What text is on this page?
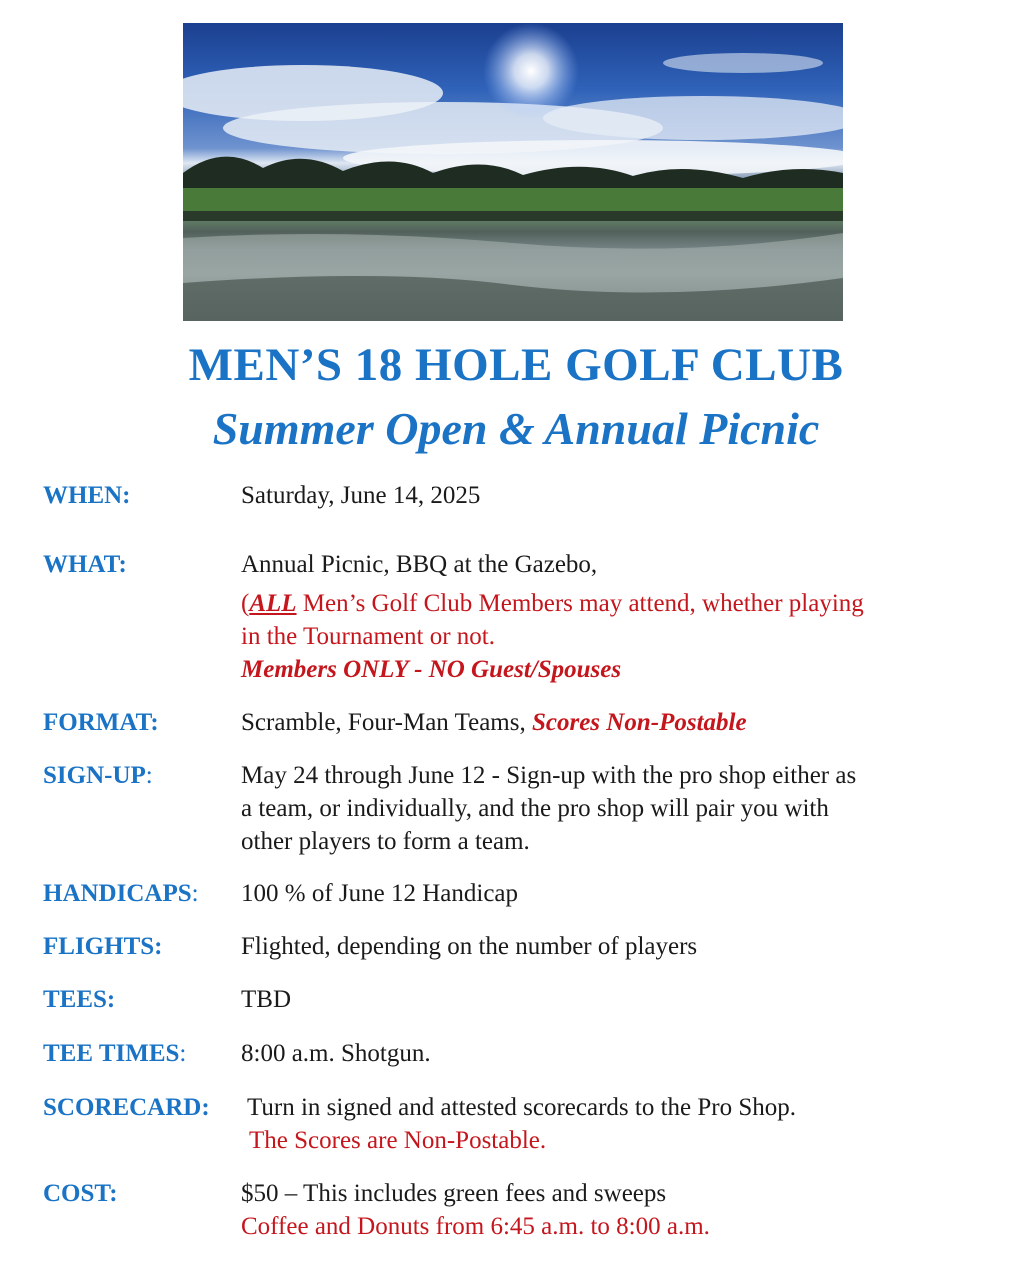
MEN’S 18 HOLE GOLF CLUB
Summer Open & Annual Picnic
WHEN:	Saturday, June 14, 2025
WHAT:	Annual Picnic, BBQ at the Gazebo,
(ALL Men’s Golf Club Members may attend, whether playing
in the Tournament or not.
Members ONLY - NO Guest/Spouses
FORMAT:	Scramble, Four-Man Teams, Scores Non-Postable
SIGN-UP:	May 24 through June 12 - Sign-up with the pro shop either as
a team, or individually, and the pro shop will pair you with
other players to form a team.
HANDICAPS: 100 % of June 12 Handicap
FLIGHTS:	Flighted, depending on the number of players
TEES:	TBD
TEE TIMES: 8:00 a.m. Shotgun.
SCORECARD: Turn in signed and attested scorecards to the Pro Shop.
The Scores are Non-Postable.
COST:	$50 – This includes green fees and sweeps
Coffee and Donuts from 6:45 a.m. to 8:00 a.m.
